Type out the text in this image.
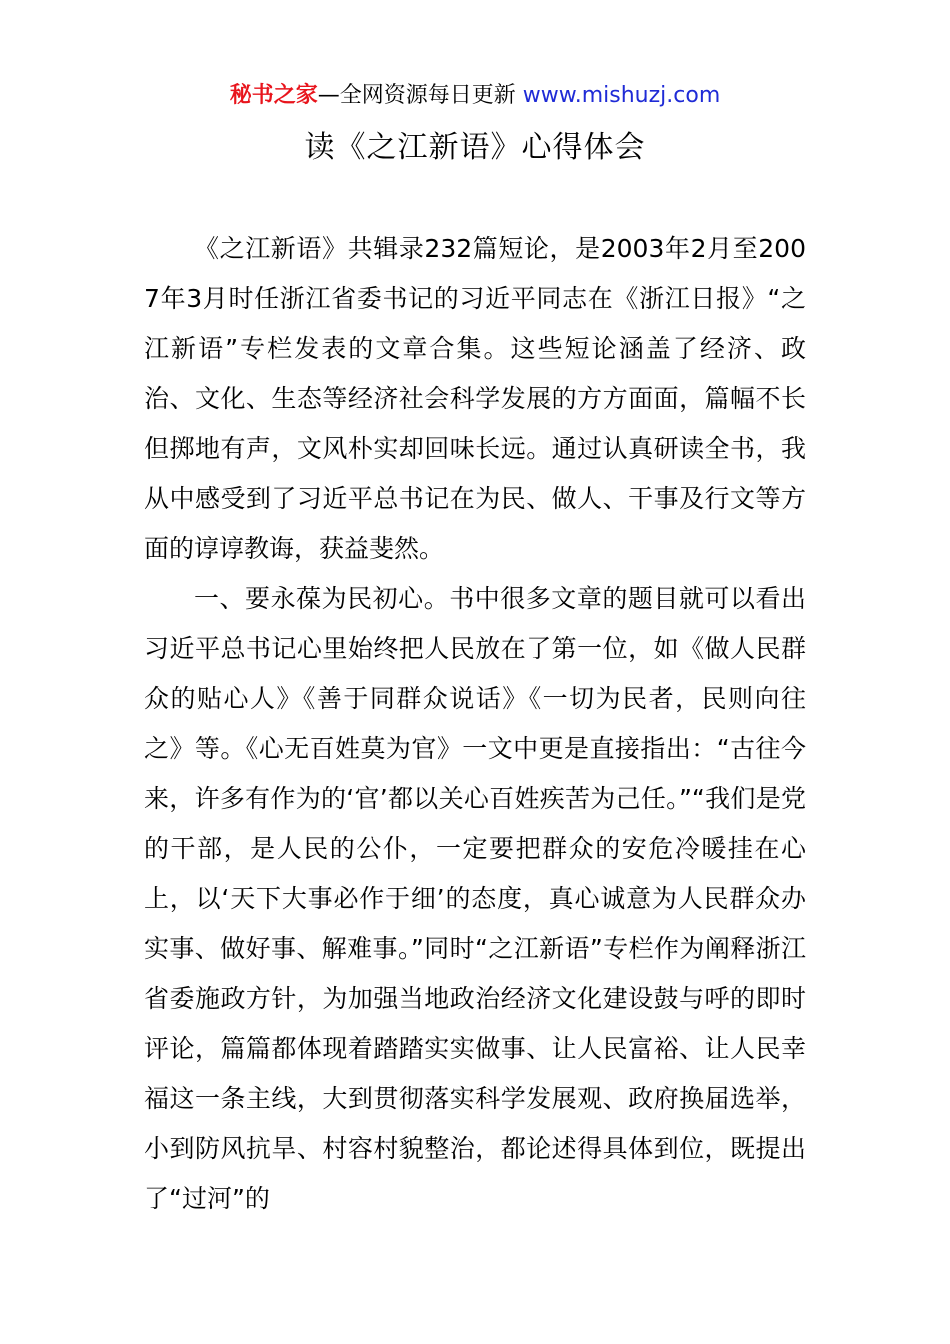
秘书之家—全网资源每日更新 www.mishuzj.com
读《之江新语》心得体会

《之江新语》共辑录232篇短论，是2003年2月至2007年3月时任浙江省委书记的习近平同志在《浙江日报》“之江新语”专栏发表的文章合集。这些短论涵盖了经济、政治、文化、生态等经济社会科学发展的方方面面，篇幅不长但掷地有声，文风朴实却回味长远。通过认真研读全书，我从中感受到了习近平总书记在为民、做人、干事及行文等方面的谆谆教诲，获益斐然。

一、要永葆为民初心。书中很多文章的题目就可以看出习近平总书记心里始终把人民放在了第一位，如《做人民群众的贴心人》《善于同群众说话》《一切为民者，民则向往之》等。《心无百姓莫为官》一文中更是直接指出：“古往今来，许多有作为的‘官’都以关心百姓疾苦为己任。”“我们是党的干部，是人民的公仆，一定要把群众的安危冷暖挂在心上，以‘天下大事必作于细’的态度，真心诚意为人民群众办实事、做好事、解难事。”同时“之江新语”专栏作为阐释浙江省委施政方针，为加强当地政治经济文化建设鼓与呼的即时评论，篇篇都体现着踏踏实实做事、让人民富裕、让人民幸福这一条主线，大到贯彻落实科学发展观、政府换届选举，小到防风抗旱、村容村貌整治，都论述得具体到位，既提出了“过河”的
